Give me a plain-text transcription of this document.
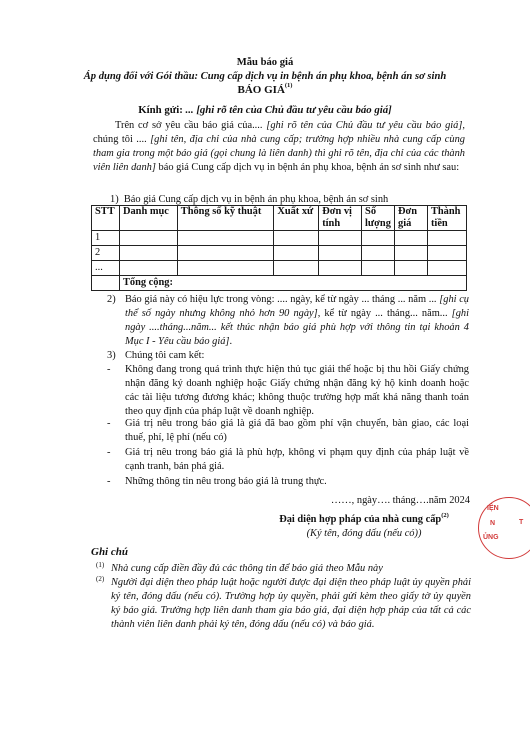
Mẫu báo giá
Áp dụng đối với Gói thầu: Cung cấp dịch vụ in bệnh án phụ khoa, bệnh án sơ sinh
BÁO GIÁ$^{(1)}$
Kính gửi: ... [ghi rõ tên của Chủ đầu tư yêu cầu báo giá]
Trên cơ sở yêu cầu báo giá của.... [ghi rõ tên của Chủ đầu tư yêu cầu báo giá], chúng tôi .... [ghi tên, địa chỉ của nhà cung cấp; trường hợp nhiều nhà cung cấp cùng tham gia trong một báo giá (gọi chung là liên danh) thì ghi rõ tên, địa chỉ của các thành viên liên danh] báo giá Cung cấp dịch vụ in bệnh án phụ khoa, bệnh án sơ sinh như sau:
1) Báo giá Cung cấp dịch vụ in bệnh án phụ khoa, bệnh án sơ sinh
STT	Danh mục	Thông số kỹ thuật	Xuất xứ	Đơn vị tính	Số lượng	Đơn giá	Thành tiền
1							
2							
...							
	Tổng cộng:						
2) Báo giá này có hiệu lực trong vòng: .... ngày, kể từ ngày ... tháng ... năm ... [ghi cụ thể số ngày nhưng không nhỏ hơn 90 ngày], kể từ ngày ... tháng... năm... [ghi ngày ....tháng...năm... kết thúc nhận báo giá phù hợp với thông tin tại khoản 4 Mục I - Yêu cầu báo giá].
3) Chúng tôi cam kết:
-	Không đang trong quá trình thực hiện thủ tục giải thể hoặc bị thu hồi Giấy chứng nhận đăng ký doanh nghiệp hoặc Giấy chứng nhận đăng ký hộ kinh doanh hoặc các tài liệu tương đương khác; không thuộc trường hợp mất khả năng thanh toán theo quy định của pháp luật về doanh nghiệp.
-	Giá trị nêu trong báo giá là giá đã bao gồm phí vận chuyển, bàn giao, các loại thuế, phí, lệ phí (nếu có)
-	Giá trị nêu trong báo giá là phù hợp, không vi phạm quy định của pháp luật về cạnh tranh, bán phá giá.
-	Những thông tin nêu trong báo giá là trung thực.
……, ngày…. tháng….năm 2024
Đại diện hợp pháp của nhà cung cấp$^{(2)}$
(Ký tên, đóng dấu (nếu có))
IỆN
N
ỦNG
T
Ghi chú
(1) Nhà cung cấp điền đầy đủ các thông tin để báo giá theo Mẫu này
(2) Người đại diện theo pháp luật hoặc người được đại diện theo pháp luật ủy quyền phải ký tên, đóng dấu (nếu có). Trường hợp ủy quyền, phải gửi kèm theo giấy tờ ủy quyền ký báo giá. Trường hợp liên danh tham gia báo giá, đại diện hợp pháp của tất cả các thành viên liên danh phải ký tên, đóng dấu (nếu có) và báo giá.
